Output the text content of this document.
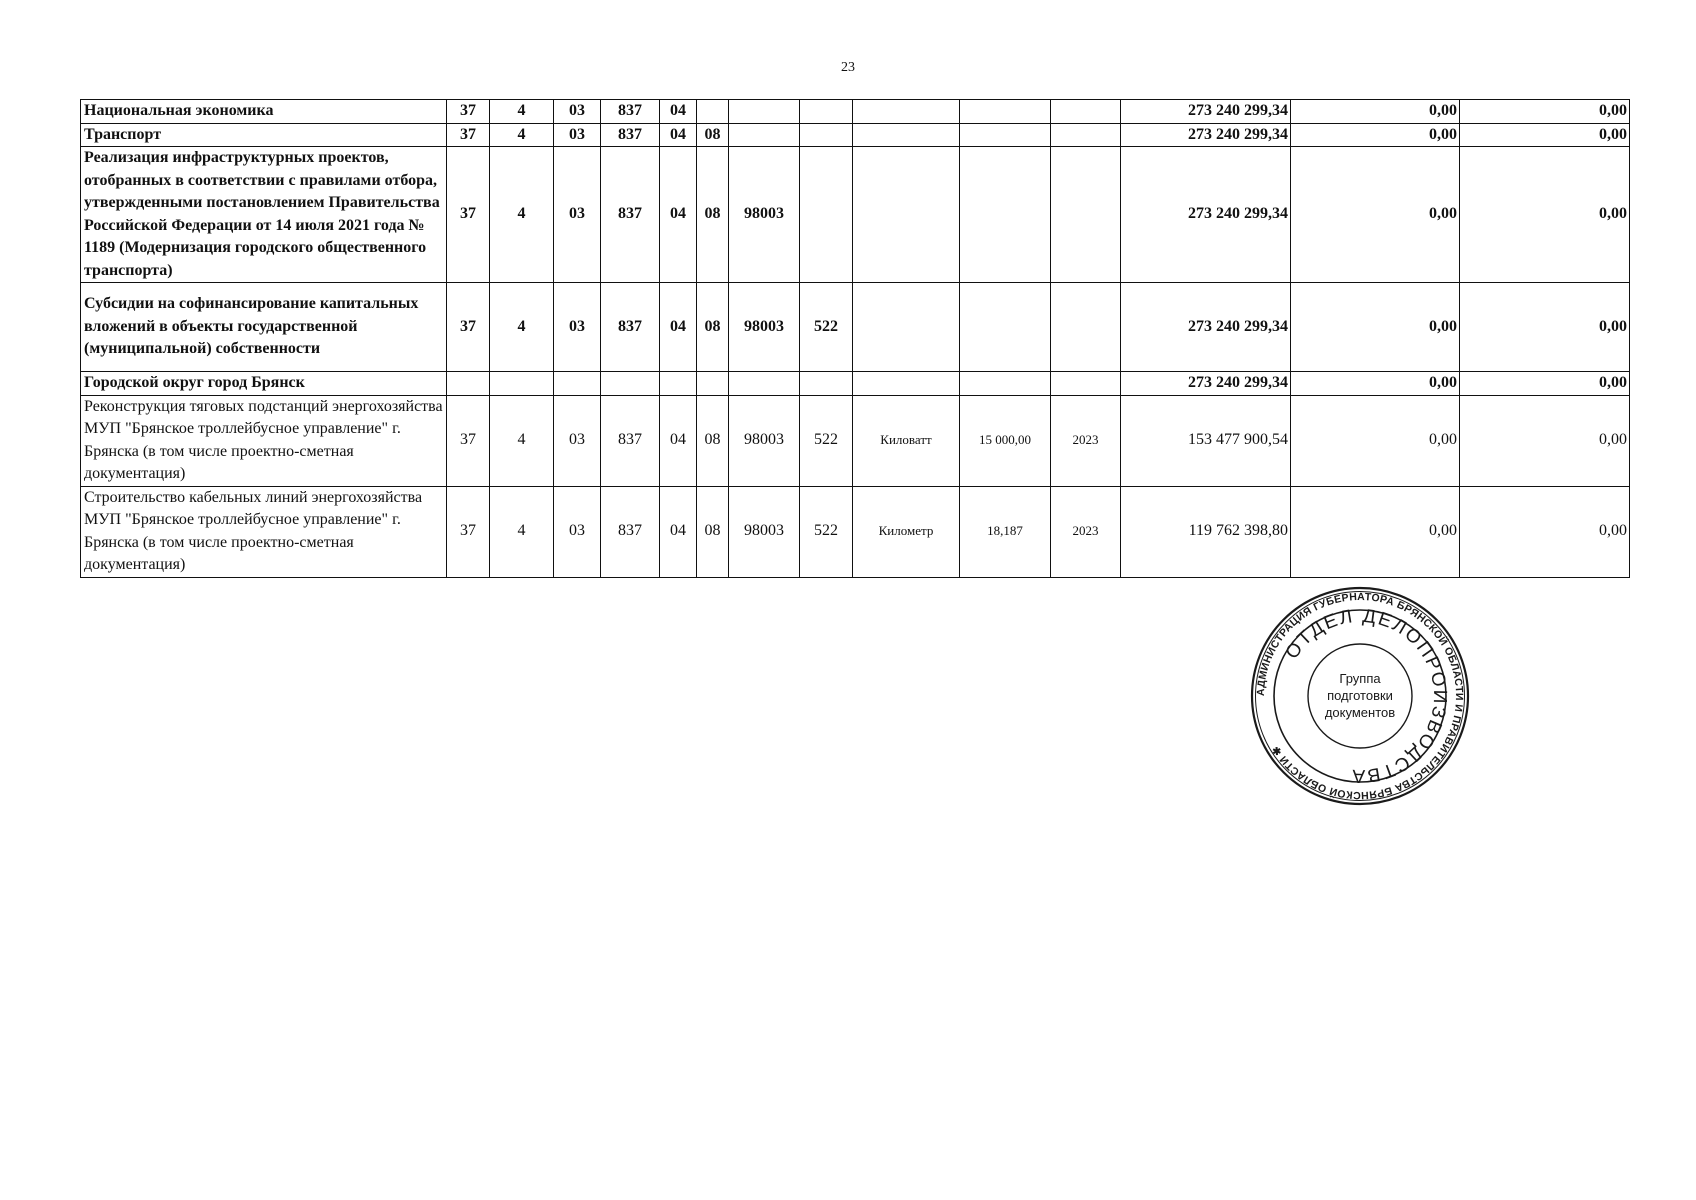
23
Национальная экономика	37	4	03	837	04							273 240 299,34	0,00	0,00
Транспорт	37	4	03	837	04	08						273 240 299,34	0,00	0,00
Реализация инфраструктурных проектов, отобранных в соответствии с правилами отбора, утвержденными постановлением Правительства Российской Федерации от 14 июля 2021 года № 1189 (Модернизация городского общественного транспорта)	37	4	03	837	04	08	98003					273 240 299,34	0,00	0,00
Субсидии на софинансирование капитальных вложений в объекты государственной (муниципальной) собственности	37	4	03	837	04	08	98003	522				273 240 299,34	0,00	0,00
Городской округ город Брянск												273 240 299,34	0,00	0,00
Реконструкция тяговых подстанций энергохозяйства МУП "Брянское троллейбусное управление" г. Брянска (в том числе проектно-сметная документация)	37	4	03	837	04	08	98003	522	Киловатт	15 000,00	2023	153 477 900,54	0,00	0,00
Строительство кабельных линий энергохозяйства МУП "Брянское троллейбусное управление" г. Брянска (в том числе проектно-сметная документация)	37	4	03	837	04	08	98003	522	Километр	18,187	2023	119 762 398,80	0,00	0,00
АДМИНИСТРАЦИЯ ГУБЕРНАТОРА БРЯНСКОЙ ОБЛАСТИ И ПРАВИТЕЛЬСТВА БРЯНСКОЙ ОБЛАСТИ ✱
ОТДЕЛ ДЕЛОПРОИЗВОДСТВА
Группа
подготовки
документов
